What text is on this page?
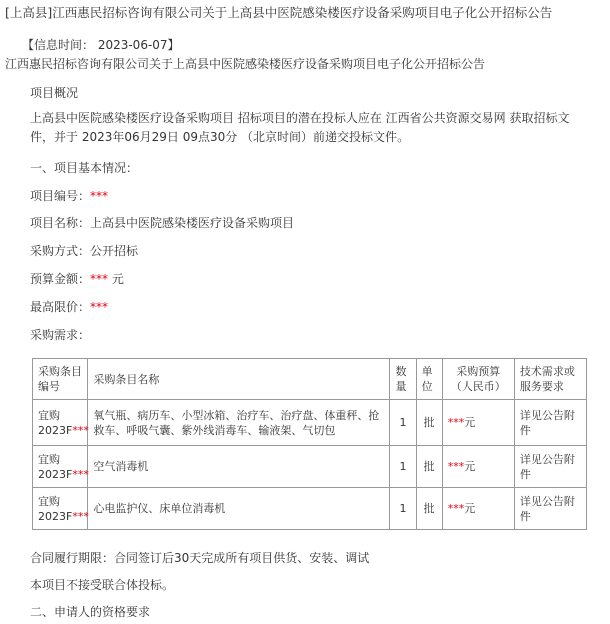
[上高县]江西惠民招标咨询有限公司关于上高县中医院感染楼医疗设备采购项目电子化公开招标公告
【信息时间： 2023-06-07】
江西惠民招标咨询有限公司关于上高县中医院感染楼医疗设备采购项目电子化公开招标公告
项目概况
上高县中医院感染楼医疗设备采购项目 招标项目的潜在投标人应在 江西省公共资源交易网 获取招标文件，并于 2023年06月29日 09点30分 （北京时间）前递交投标文件。
一、项目基本情况：
项目编号：***
项目名称：上高县中医院感染楼医疗设备采购项目
采购方式：公开招标
预算金额：*** 元
最高限价：***
采购需求：
采购条目编号	采购条目名称	数量	单位	采购预算（人民币）	技术需求或服务要求
宜购2023F***	氧气瓶、病历车、小型冰箱、治疗车、治疗盘、体重秤、抢救车、呼吸气囊、紫外线消毒车、输液架、气切包	1	批	***元	详见公告附件
宜购2023F***	空气消毒机	1	批	***元	详见公告附件
宜购2023F***	心电监护仪、床单位消毒机	1	批	***元	详见公告附件
合同履行期限：合同签订后30天完成所有项目供货、安装、调试
本项目不接受联合体投标。
二、申请人的资格要求
